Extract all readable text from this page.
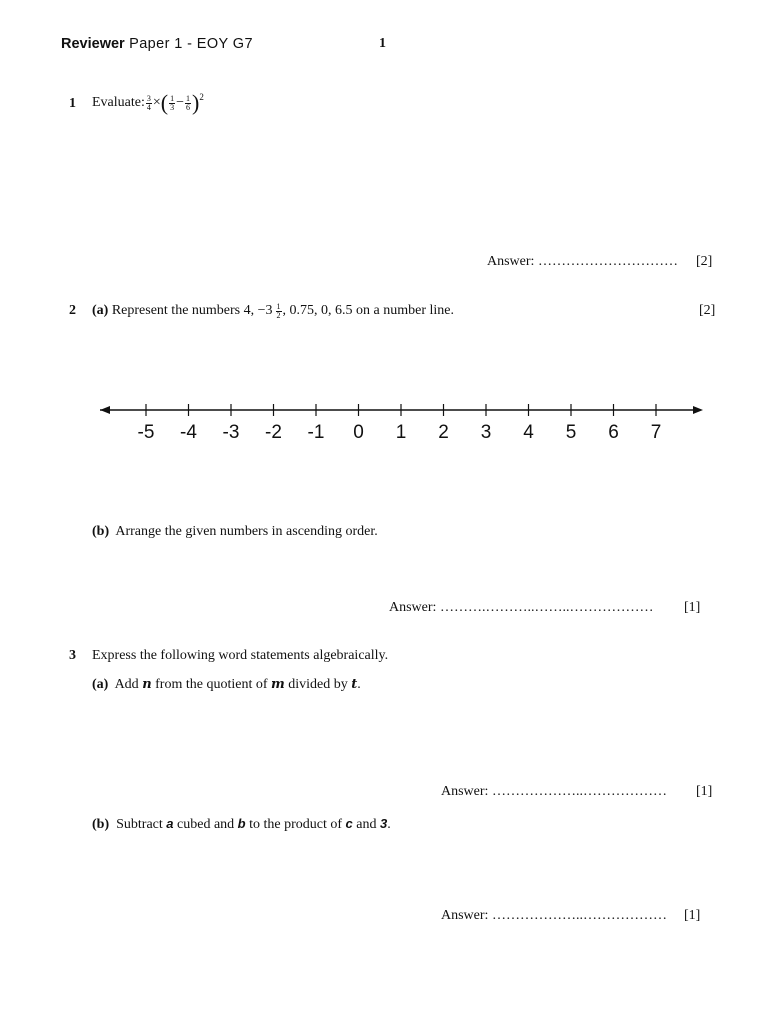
Reviewer Paper 1 - EOY G7	1
1 Evaluate: $\frac{3}{4}$ × ( $\frac{1}{3} - \frac{1}{6}$ ) 2
Answer: ………………………… [2]
2 (a)
Represent the numbers 4, $-3 \frac{1}{2}$ , 0.75, 0, 6.5 on a number line.	[2]
-5 -4 -3 -2 -1 0 1 2 3 4 5 6 7
(b) Arrange the given numbers in ascending order.
Answer: ……….………..……..……………… [1]
3 Express the following word statements algebraically.
(a) Add n from the quotient of m divided by t.
Answer: ………………..……………… [1]
(b) Subtract a cubed and b to the product of c and 3.
Answer: ………………..……………… [1]
